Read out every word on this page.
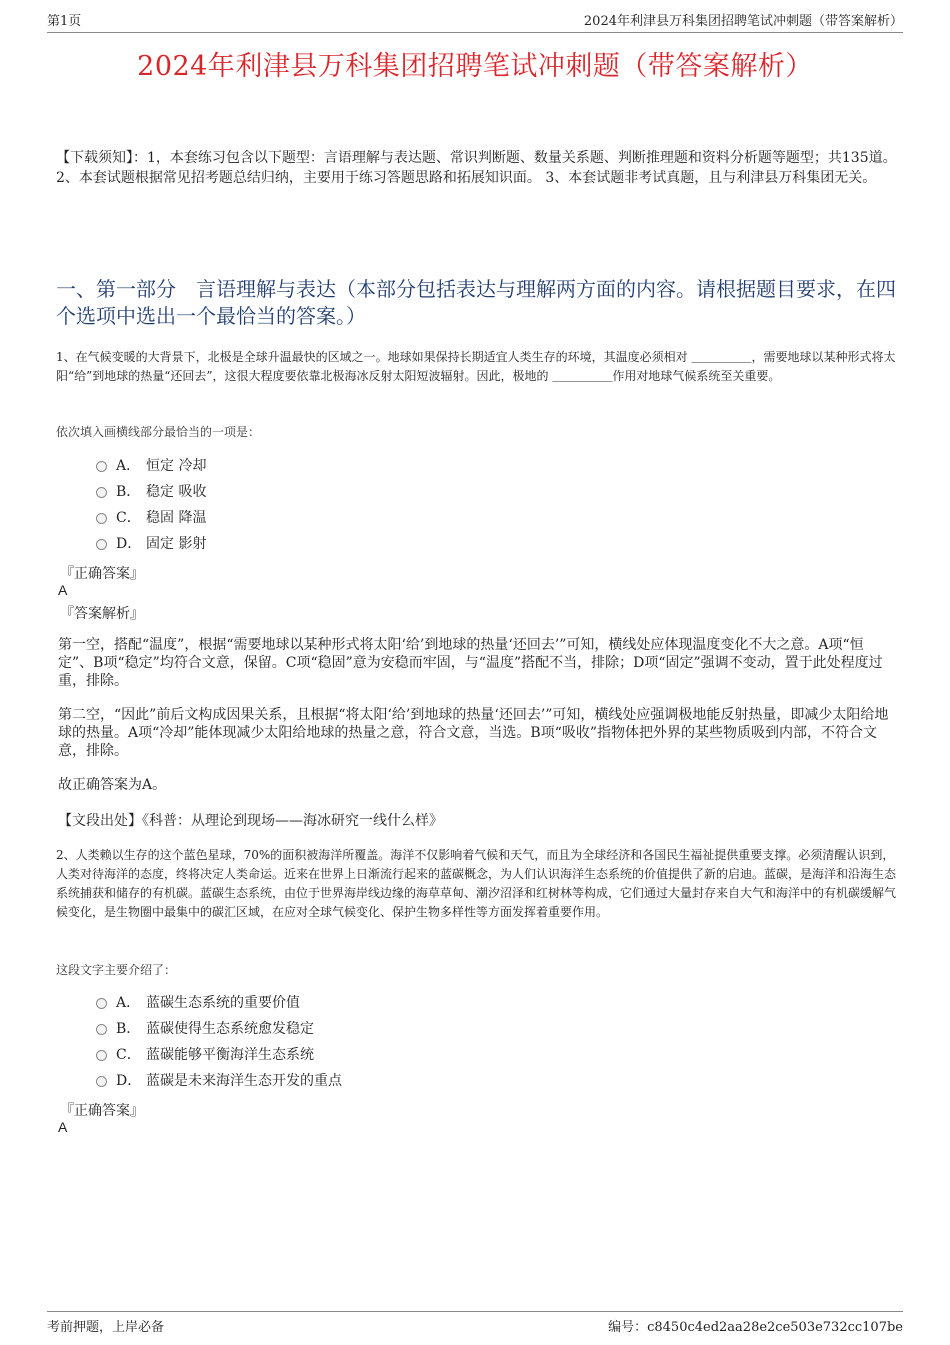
第1页	2024年利津县万科集团招聘笔试冲刺题（带答案解析）
2024年利津县万科集团招聘笔试冲刺题（带答案解析）
【下载须知】：1，本套练习包含以下题型：言语理解与表达题、常识判断题、数量关系题、判断推理题和资料分析题等题型；共135道。 2、本套试题根据常见招考题总结归纳，主要用于练习答题思路和拓展知识面。 3、本套试题非考试真题，且与利津县万科集团无关。
一、第一部分　言语理解与表达（本部分包括表达与理解两方面的内容。请根据题目要求，在四个选项中选出一个最恰当的答案。）
1、在气候变暖的大背景下，北极是全球升温最快的区域之一。地球如果保持长期适宜人类生存的环境，其温度必须相对 ＿＿＿＿＿，需要地球以某种形式将太阳“给”到地球的热量“还回去”，这很大程度要依靠北极海冰反射太阳短波辐射。因此，极地的 ＿＿＿＿＿作用对地球气候系统至关重要。
依次填入画横线部分最恰当的一项是：
A． 恒定 冷却
B． 稳定 吸收
C． 稳固 降温
D． 固定 影射
『正确答案』
A
『答案解析』
第一空，搭配“温度”，根据“需要地球以某种形式将太阳‘给’到地球的热量‘还回去’”可知，横线处应体现温度变化不大之意。A项“恒定”、B项“稳定”均符合文意，保留。C项“稳固”意为安稳而牢固，与“温度”搭配不当，排除；D项“固定”强调不变动，置于此处程度过重，排除。
第二空，“因此”前后文构成因果关系，且根据“将太阳‘给’到地球的热量‘还回去’”可知，横线处应强调极地能反射热量，即减少太阳给地球的热量。A项“冷却”能体现减少太阳给地球的热量之意，符合文意，当选。B项“吸收”指物体把外界的某些物质吸到内部，不符合文意，排除。
故正确答案为A。
【文段出处】《科普：从理论到现场——海冰研究一线什么样》
2、人类赖以生存的这个蓝色星球，70%的面积被海洋所覆盖。海洋不仅影响着气候和天气，而且为全球经济和各国民生福祉提供重要支撑。必须清醒认识到，人类对待海洋的态度，终将决定人类命运。近来在世界上日渐流行起来的蓝碳概念，为人们认识海洋生态系统的价值提供了新的启迪。蓝碳，是海洋和沿海生态系统捕获和储存的有机碳。蓝碳生态系统，由位于世界海岸线边缘的海草草甸、潮汐沼泽和红树林等构成，它们通过大量封存来自大气和海洋中的有机碳缓解气候变化，是生物圈中最集中的碳汇区域，在应对全球气候变化、保护生物多样性等方面发挥着重要作用。
这段文字主要介绍了：
A． 蓝碳生态系统的重要价值
B． 蓝碳使得生态系统愈发稳定
C． 蓝碳能够平衡海洋生态系统
D． 蓝碳是未来海洋生态开发的重点
『正确答案』
A
考前押题，上岸必备	编号：c8450c4ed2aa28e2ce503e732cc107be
